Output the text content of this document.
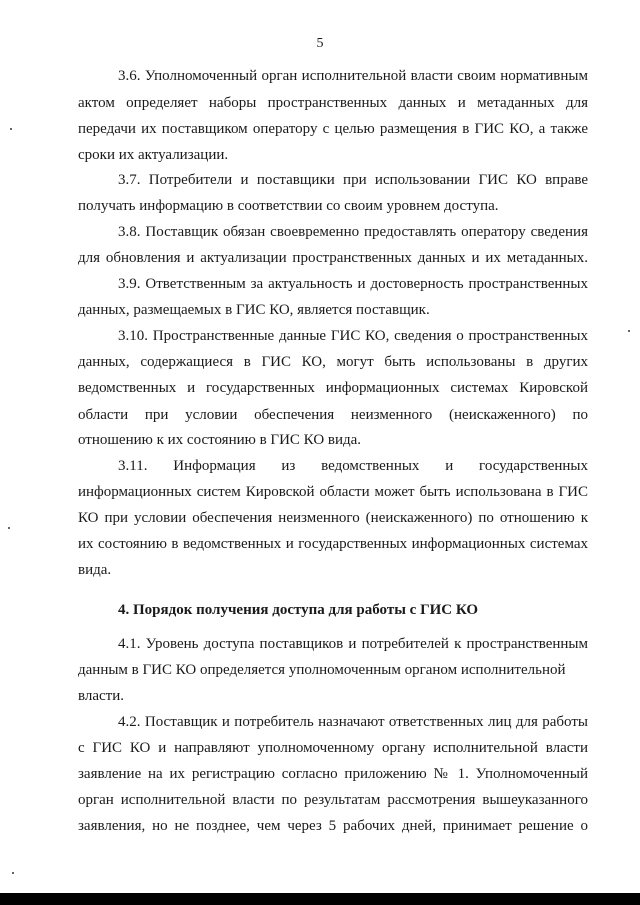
5
3.6. Уполномоченный орган исполнительной власти своим нормативным
актом определяет наборы пространственных данных и метаданных для
передачи их поставщиком оператору с целью размещения в ГИС КО, а также
сроки их актуализации.
3.7. Потребители и поставщики при использовании ГИС КО вправе
получать информацию в соответствии со своим уровнем доступа.
3.8. Поставщик обязан своевременно предоставлять оператору сведения
для обновления и актуализации пространственных данных и их метаданных.
3.9. Ответственным за актуальность и достоверность пространственных
данных, размещаемых в ГИС КО, является поставщик.
3.10. Пространственные данные ГИС КО, сведения о пространственных
данных, содержащиеся в ГИС КО, могут быть использованы в других
ведомственных и государственных информационных системах Кировской
области при условии обеспечения неизменного (неискаженного) по
отношению к их состоянию в ГИС КО вида.
3.11. Информация из ведомственных и государственных
информационных систем Кировской области может быть использована в ГИС
КО при условии обеспечения неизменного (неискаженного) по отношению к
их состоянию в ведомственных и государственных информационных системах
вида.
4. Порядок получения доступа для работы с ГИС КО
4.1. Уровень доступа поставщиков и потребителей к пространственным
данным в ГИС КО определяется уполномоченным органом исполнительной
власти.
4.2. Поставщик и потребитель назначают ответственных лиц для работы
с ГИС КО и направляют уполномоченному органу исполнительной власти
заявление на их регистрацию согласно приложению № 1. Уполномоченный
орган исполнительной власти по результатам рассмотрения вышеуказанного
заявления, но не позднее, чем через 5 рабочих дней, принимает решение о
